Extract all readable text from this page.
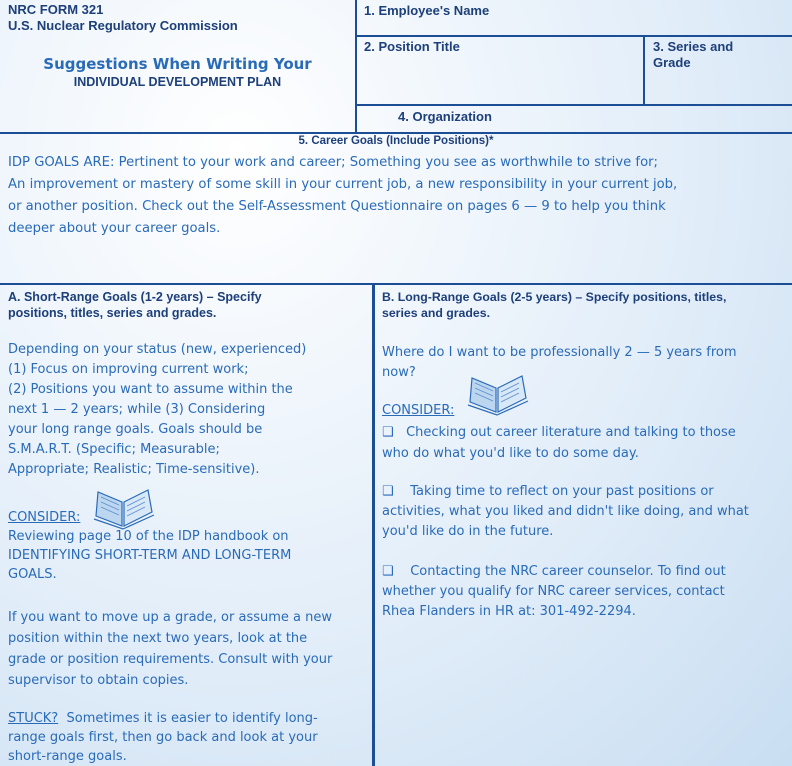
NRC FORM 321
U.S. Nuclear Regulatory Commission
Suggestions When Writing Your
INDIVIDUAL DEVELOPMENT PLAN
1. Employee's Name
2. Position Title	3. Series and
Grade
4. Organization
5. Career Goals (Include Positions)*
IDP GOALS ARE: Pertinent to your work and career; Something you see as worthwhile to strive for;
An improvement or mastery of some skill in your current job, a new responsibility in your current job,
or another position. Check out the Self-Assessment Questionnaire on pages 6 — 9 to help you think
deeper about your career goals.
A. Short-Range Goals (1-2 years) – Specify
positions, titles, series and grades.
Depending on your status (new, experienced)
(1) Focus on improving current work;
(2) Positions you want to assume within the
next 1 — 2 years; while (3) Considering
your long range goals. Goals should be
S.M.A.R.T. (Specific; Measurable;
Appropriate; Realistic; Time-sensitive).
CONSIDER:
Reviewing page 10 of the IDP handbook on
IDENTIFYING SHORT-TERM AND LONG-TERM
GOALS.
If you want to move up a grade, or assume a new
position within the next two years, look at the
grade or position requirements. Consult with your
supervisor to obtain copies.
STUCK? Sometimes it is easier to identify long-
range goals first, then go back and look at your
short-range goals.
B. Long-Range Goals (2-5 years) – Specify positions, titles,
series and grades.
Where do I want to be professionally 2 — 5 years from
now?
CONSIDER:
❑ Checking out career literature and talking to those
who do what you'd like to do some day.
❑ Taking time to reflect on your past positions or
activities, what you liked and didn't like doing, and what
you'd like do in the future.
❑ Contacting the NRC career counselor. To find out
whether you qualify for NRC career services, contact
Rhea Flanders in HR at: 301-492-2294.
